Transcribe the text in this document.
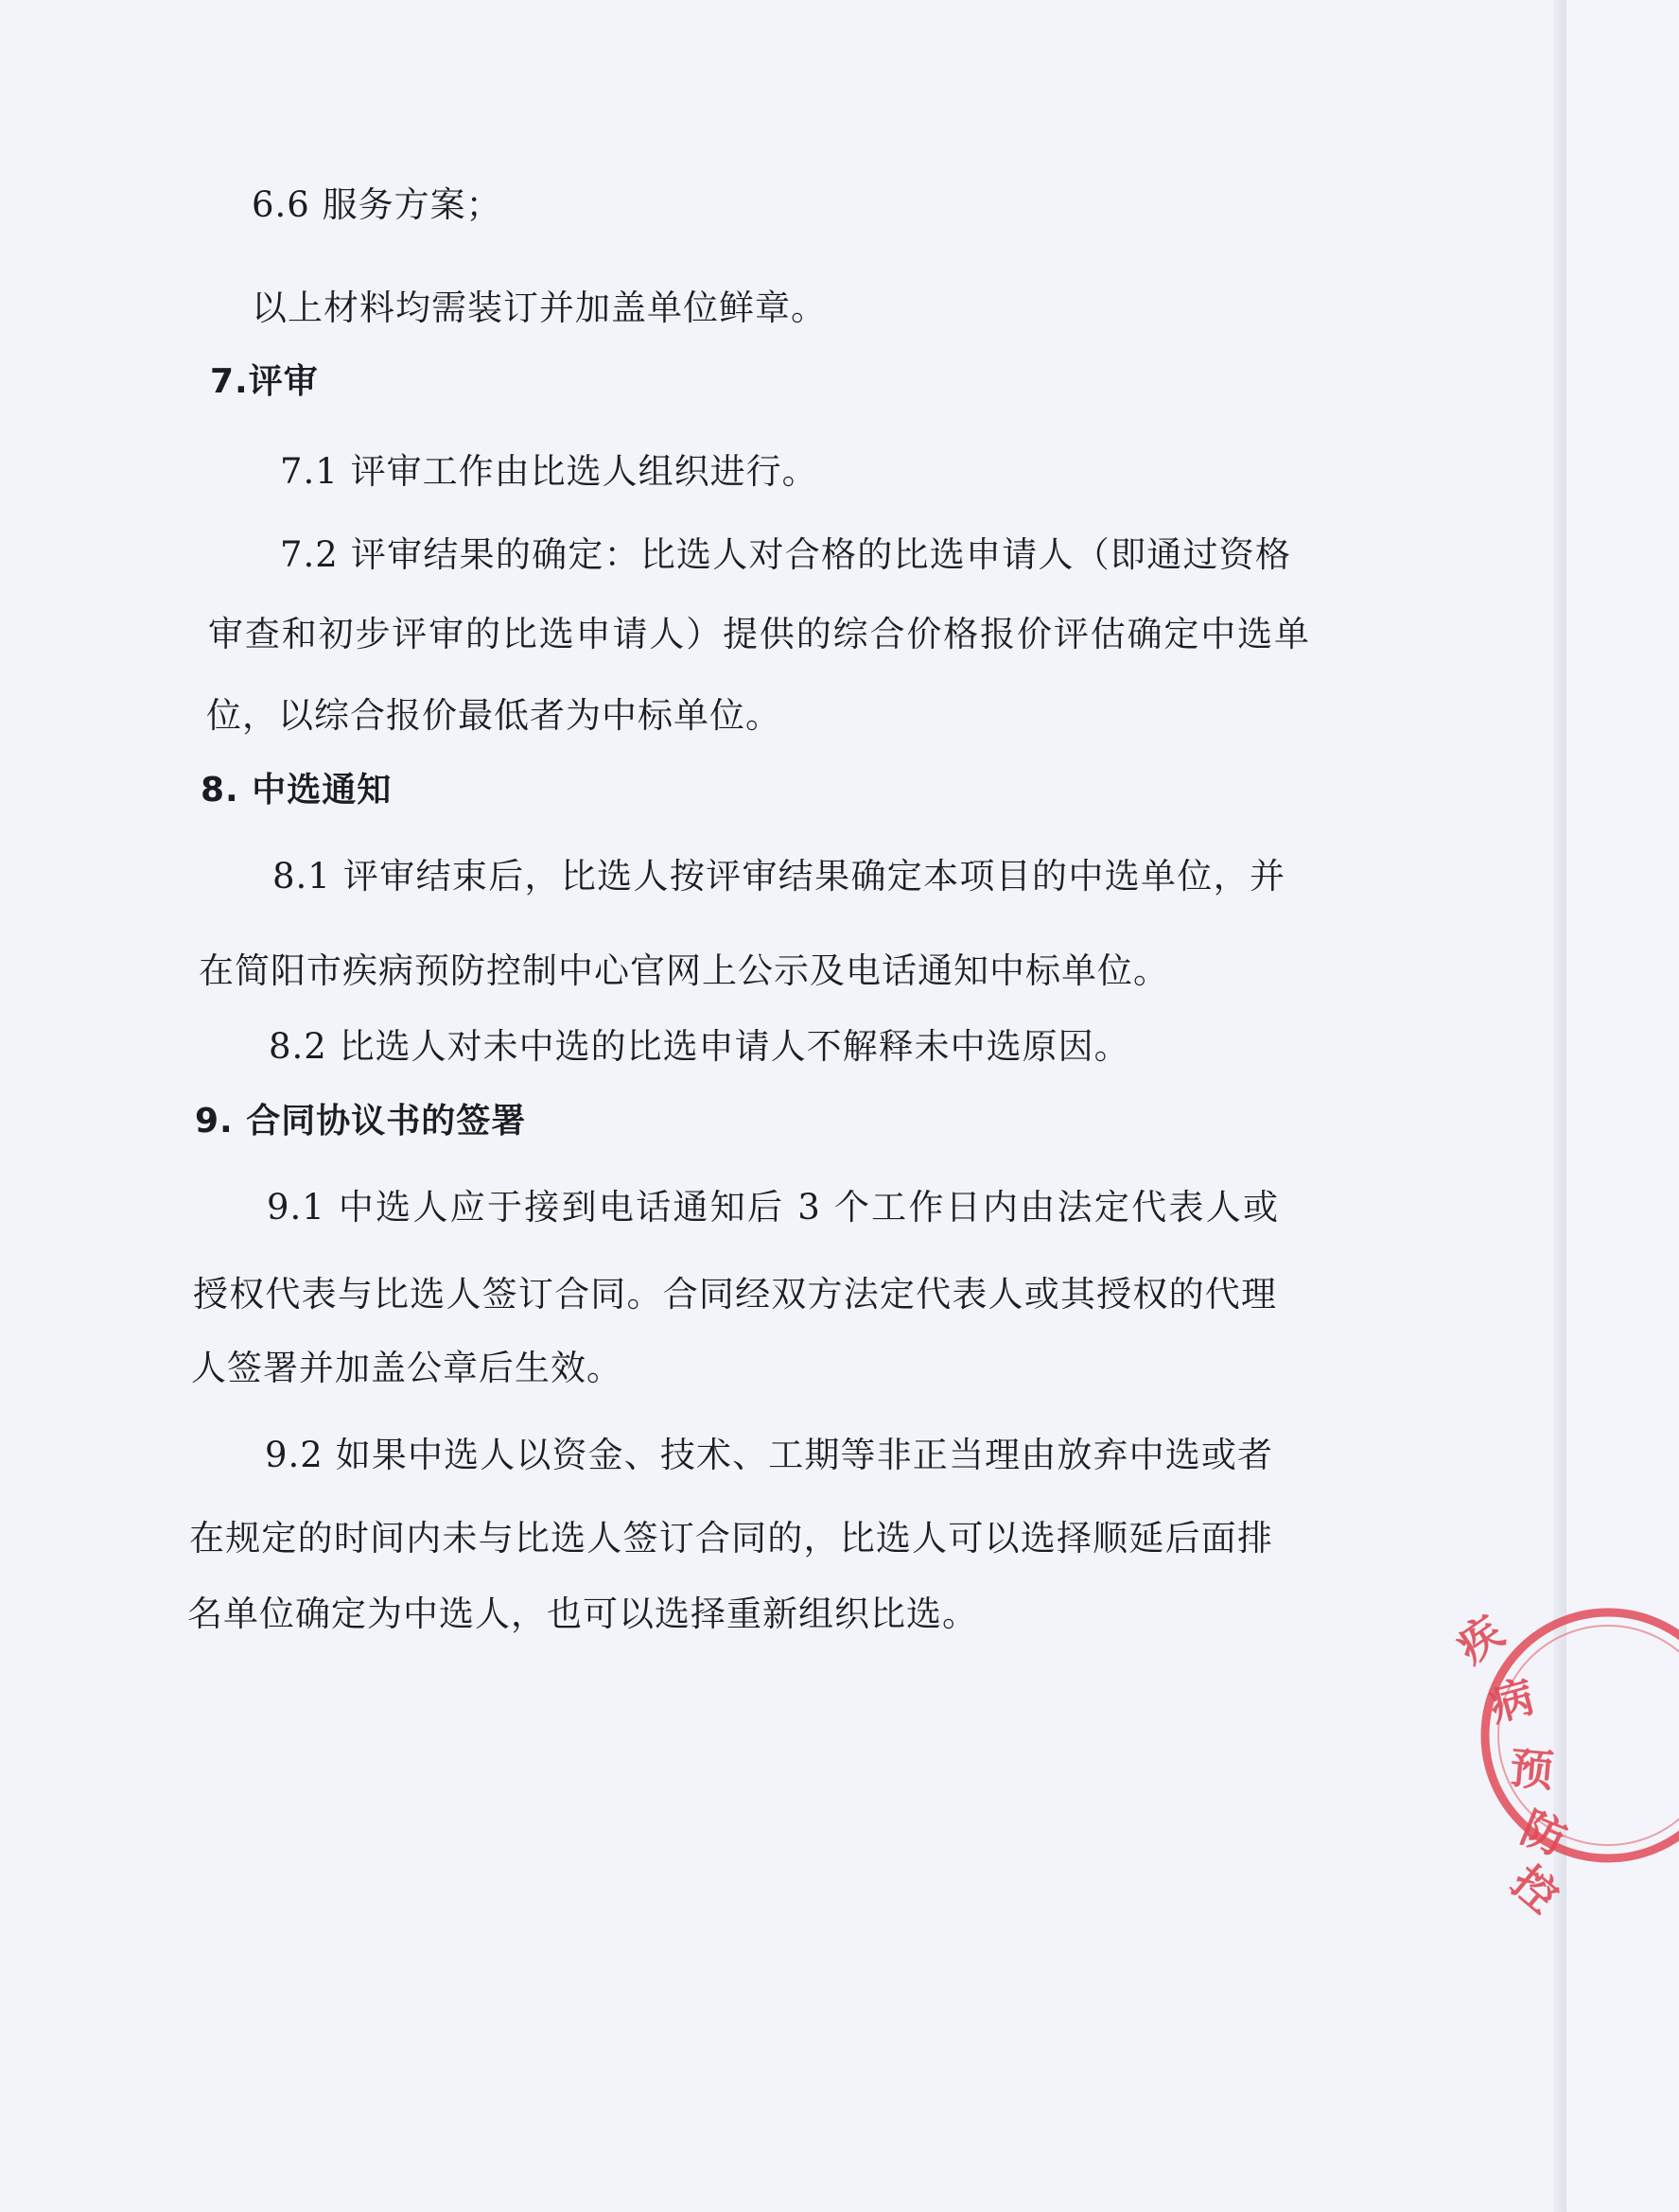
6.6 服务方案；
以上材料均需装订并加盖单位鲜章。
7.评审
7.1 评审工作由比选人组织进行。
7.2 评审结果的确定：比选人对合格的比选申请人（即通过资格
审查和初步评审的比选申请人）提供的综合价格报价评估确定中选单
位，以综合报价最低者为中标单位。
8. 中选通知
8.1 评审结束后，比选人按评审结果确定本项目的中选单位，并
在简阳市疾病预防控制中心官网上公示及电话通知中标单位。
8.2 比选人对未中选的比选申请人不解释未中选原因。
9. 合同协议书的签署
9.1 中选人应于接到电话通知后 3 个工作日内由法定代表人或
授权代表与比选人签订合同。合同经双方法定代表人或其授权的代理
人签署并加盖公章后生效。
9.2 如果中选人以资金、技术、工期等非正当理由放弃中选或者
在规定的时间内未与比选人签订合同的，比选人可以选择顺延后面排
名单位确定为中选人，也可以选择重新组织比选。	疾
病
预
防
控
